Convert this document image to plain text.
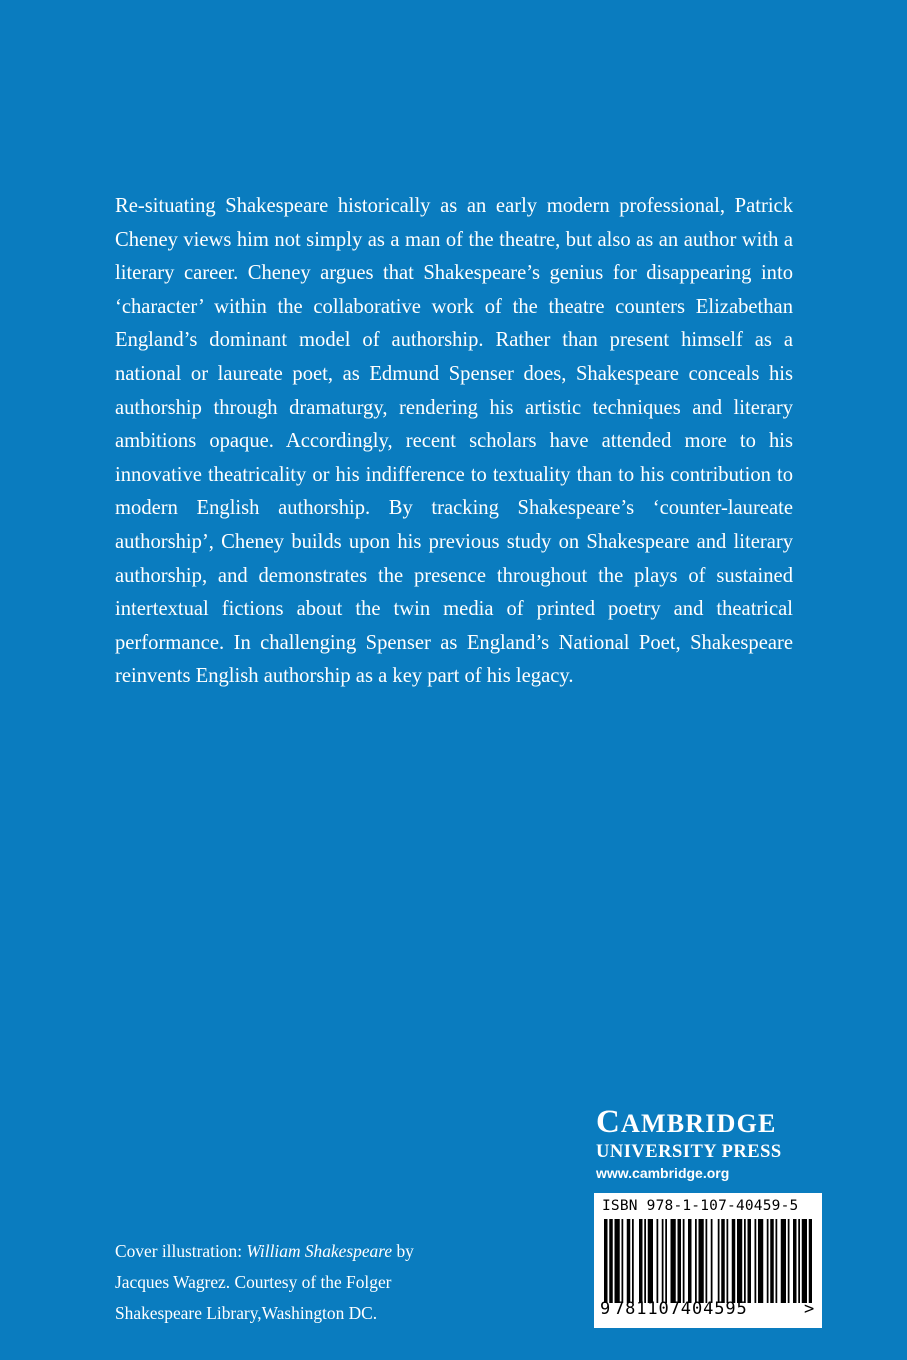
Re-situating Shakespeare historically as an early modern professional, Patrick Cheney views him not simply as a man of the theatre, but also as an author with a literary career. Cheney argues that Shakespeare’s genius for disappearing into ‘character’ within the collaborative work of the theatre counters Elizabethan England’s dominant model of authorship. Rather than present himself as a national or laureate poet, as Edmund Spenser does, Shakespeare conceals his authorship through dramaturgy, rendering his artistic techniques and literary ambitions opaque. Accordingly, recent scholars have attended more to his innovative theatricality or his indifference to textuality than to his contribution to modern English authorship. By tracking Shakespeare’s ‘counter-laureate authorship’, Cheney builds upon his previous study on Shakespeare and literary authorship, and demonstrates the presence throughout the plays of sustained intertextual fictions about the twin media of printed poetry and theatrical performance. In challenging Spenser as England’s National Poet, Shakespeare reinvents English authorship as a key part of his legacy.

Cover illustration: William Shakespeare by Jacques Wagrez. Courtesy of the Folger Shakespeare Library,Washington DC.

CAMBRIDGE
UNIVERSITY PRESS
www.cambridge.org
ISBN 978-1-107-40459-5
9 781107404595	>
